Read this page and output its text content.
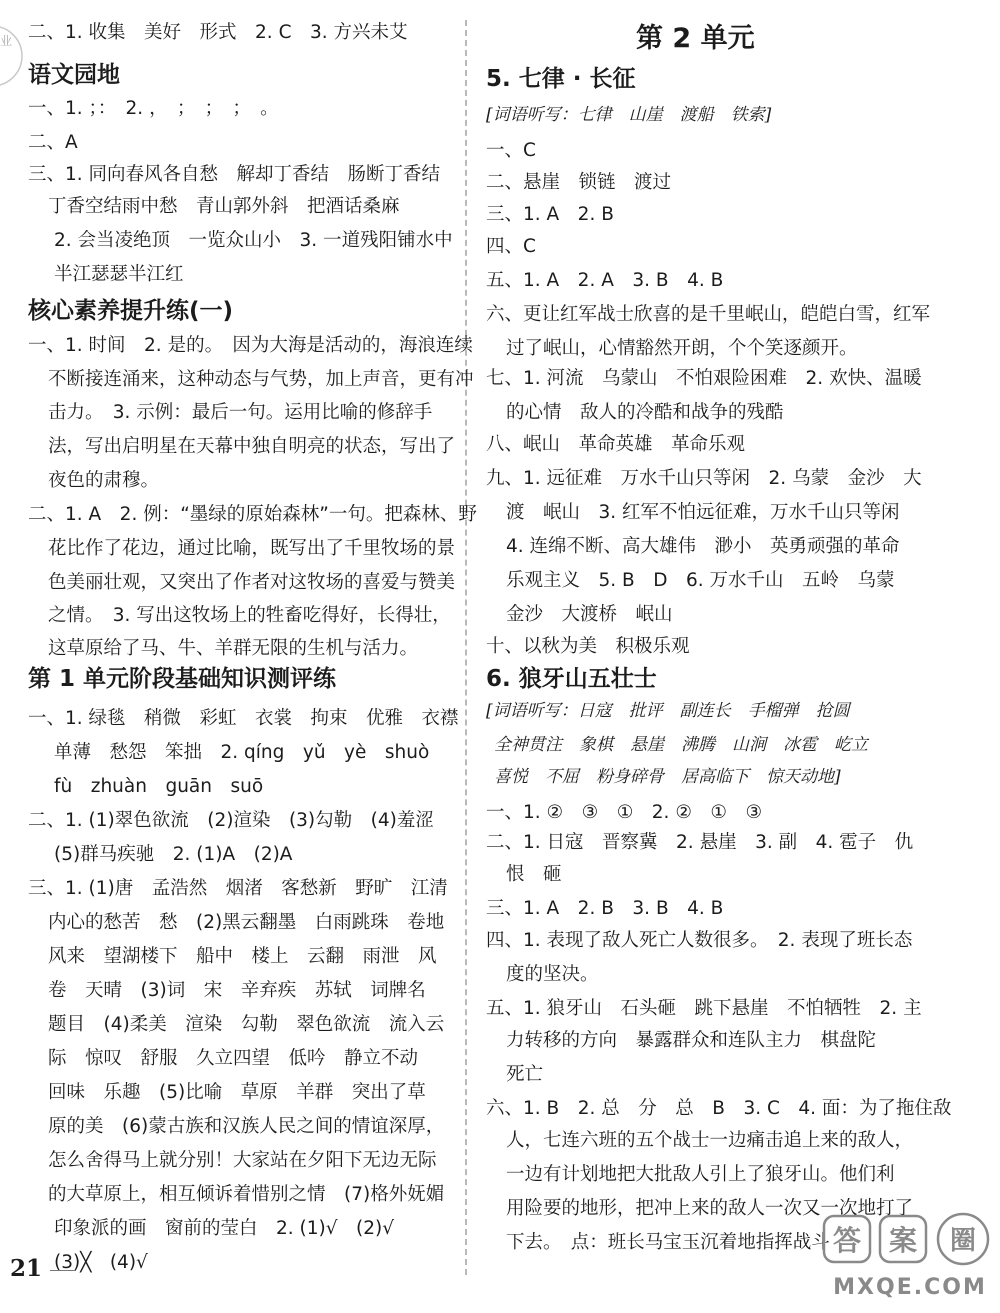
业 二、1. 收集　美好　形式　2. C　3. 方兴未艾
语文园地
一、1. ；：　2. ，　；　；　；　。
二、A
三、1. 同向春风各自愁　解却丁香结　肠断丁香结
丁香空结雨中愁　青山郭外斜　把酒话桑麻
2. 会当凌绝顶　一览众山小　3. 一道残阳铺水中
半江瑟瑟半江红
核心素养提升练(一)
一、1. 时间　2. 是的。　因为大海是活动的，海浪连续
不断接连涌来，这种动态与气势，加上声音，更有冲
击力。　3. 示例：最后一句。运用比喻的修辞手
法，写出启明星在天幕中独自明亮的状态，写出了
夜色的肃穆。
二、1. A　2. 例：“墨绿的原始森林”一句。把森林、野
花比作了花边，通过比喻，既写出了千里牧场的景
色美丽壮观，又突出了作者对这牧场的喜爱与赞美
之情。　3. 写出这牧场上的牲畜吃得好，长得壮，
这草原给了马、牛、羊群无限的生机与活力。
第 1 单元阶段基础知识测评练
一、1. 绿毯　稍微　彩虹　衣裳　拘束　优雅　衣襟
单薄　愁怨　笨拙　2. qíng　yǔ　yè　shuò
fù　zhuàn　guān　suō
二、1. (1)翠色欲流　(2)渲染　(3)勾勒　(4)羞涩
(5)群马疾驰　2. (1)A　(2)A
三、1. (1)唐　孟浩然　烟渚　客愁新　野旷　江清
内心的愁苦　愁　(2)黑云翻墨　白雨跳珠　卷地
风来　望湖楼下　船中　楼上　云翻　雨泄　风
卷　天晴　(3)词　宋　辛弃疾　苏轼　词牌名
题目　(4)柔美　渲染　勾勒　翠色欲流　流入云
际　惊叹　舒服　久立四望　低吟　静立不动
回味　乐趣　(5)比喻　草原　羊群　突出了草
原的美　(6)蒙古族和汉族人民之间的情谊深厚，
怎么舍得马上就分别！大家站在夕阳下无边无际
的大草原上，相互倾诉着惜别之情　(7)格外妩媚
印象派的画　窗前的莹白　2. (1)√　(2)√
(3)╳　(4)√
第 2 单元
5. 七律 · 长征
[词语听写：七律　山崖　渡船　铁索]
一、C
二、悬崖　锁链　渡过
三、1. A　2. B
四、C
五、1. A　2. A　3. B　4. B
六、更让红军战士欣喜的是千里岷山，皑皑白雪，红军
过了岷山，心情豁然开朗，个个笑逐颜开。
七、1. 河流　乌蒙山　不怕艰险困难　2. 欢快、温暖
的心情　敌人的冷酷和战争的残酷
八、岷山　革命英雄　革命乐观
九、1. 远征难　万水千山只等闲　2. 乌蒙　金沙　大
渡　岷山　3. 红军不怕远征难，万水千山只等闲
4. 连绵不断、高大雄伟　渺小　英勇顽强的革命
乐观主义　5. B　D　6. 万水千山　五岭　乌蒙
金沙　大渡桥　岷山
十、以秋为美　积极乐观
6. 狼牙山五壮士
[词语听写：日寇　批评　副连长　手榴弹　抢圆
全神贯注　象棋　悬崖　沸腾　山涧　冰雹　屹立
喜悦　不屈　粉身碎骨　居高临下　惊天动地]
一、1. ②　③　①　2. ②　①　③
二、1. 日寇　晋察冀　2. 悬崖　3. 副　4. 雹子　仇
恨　砸
三、1. A　2. B　3. B　4. B
四、1. 表现了敌人死亡人数很多。　2. 表现了班长态
度的坚决。
五、1. 狼牙山　石头砸　跳下悬崖　不怕牺牲　2. 主
力转移的方向　暴露群众和连队主力　棋盘陀
死亡
六、1. B　2. 总　分　总　B　3. C　4. 面：为了拖住敌
人，七连六班的五个战士一边痛击追上来的敌人，
一边有计划地把大批敌人引上了狼牙山。他们利
用险要的地形，把冲上来的敌人一次又一次地打了
下去。　点：班长马宝玉沉着地指挥战斗
21
答 案 圈
MXQE.COM
